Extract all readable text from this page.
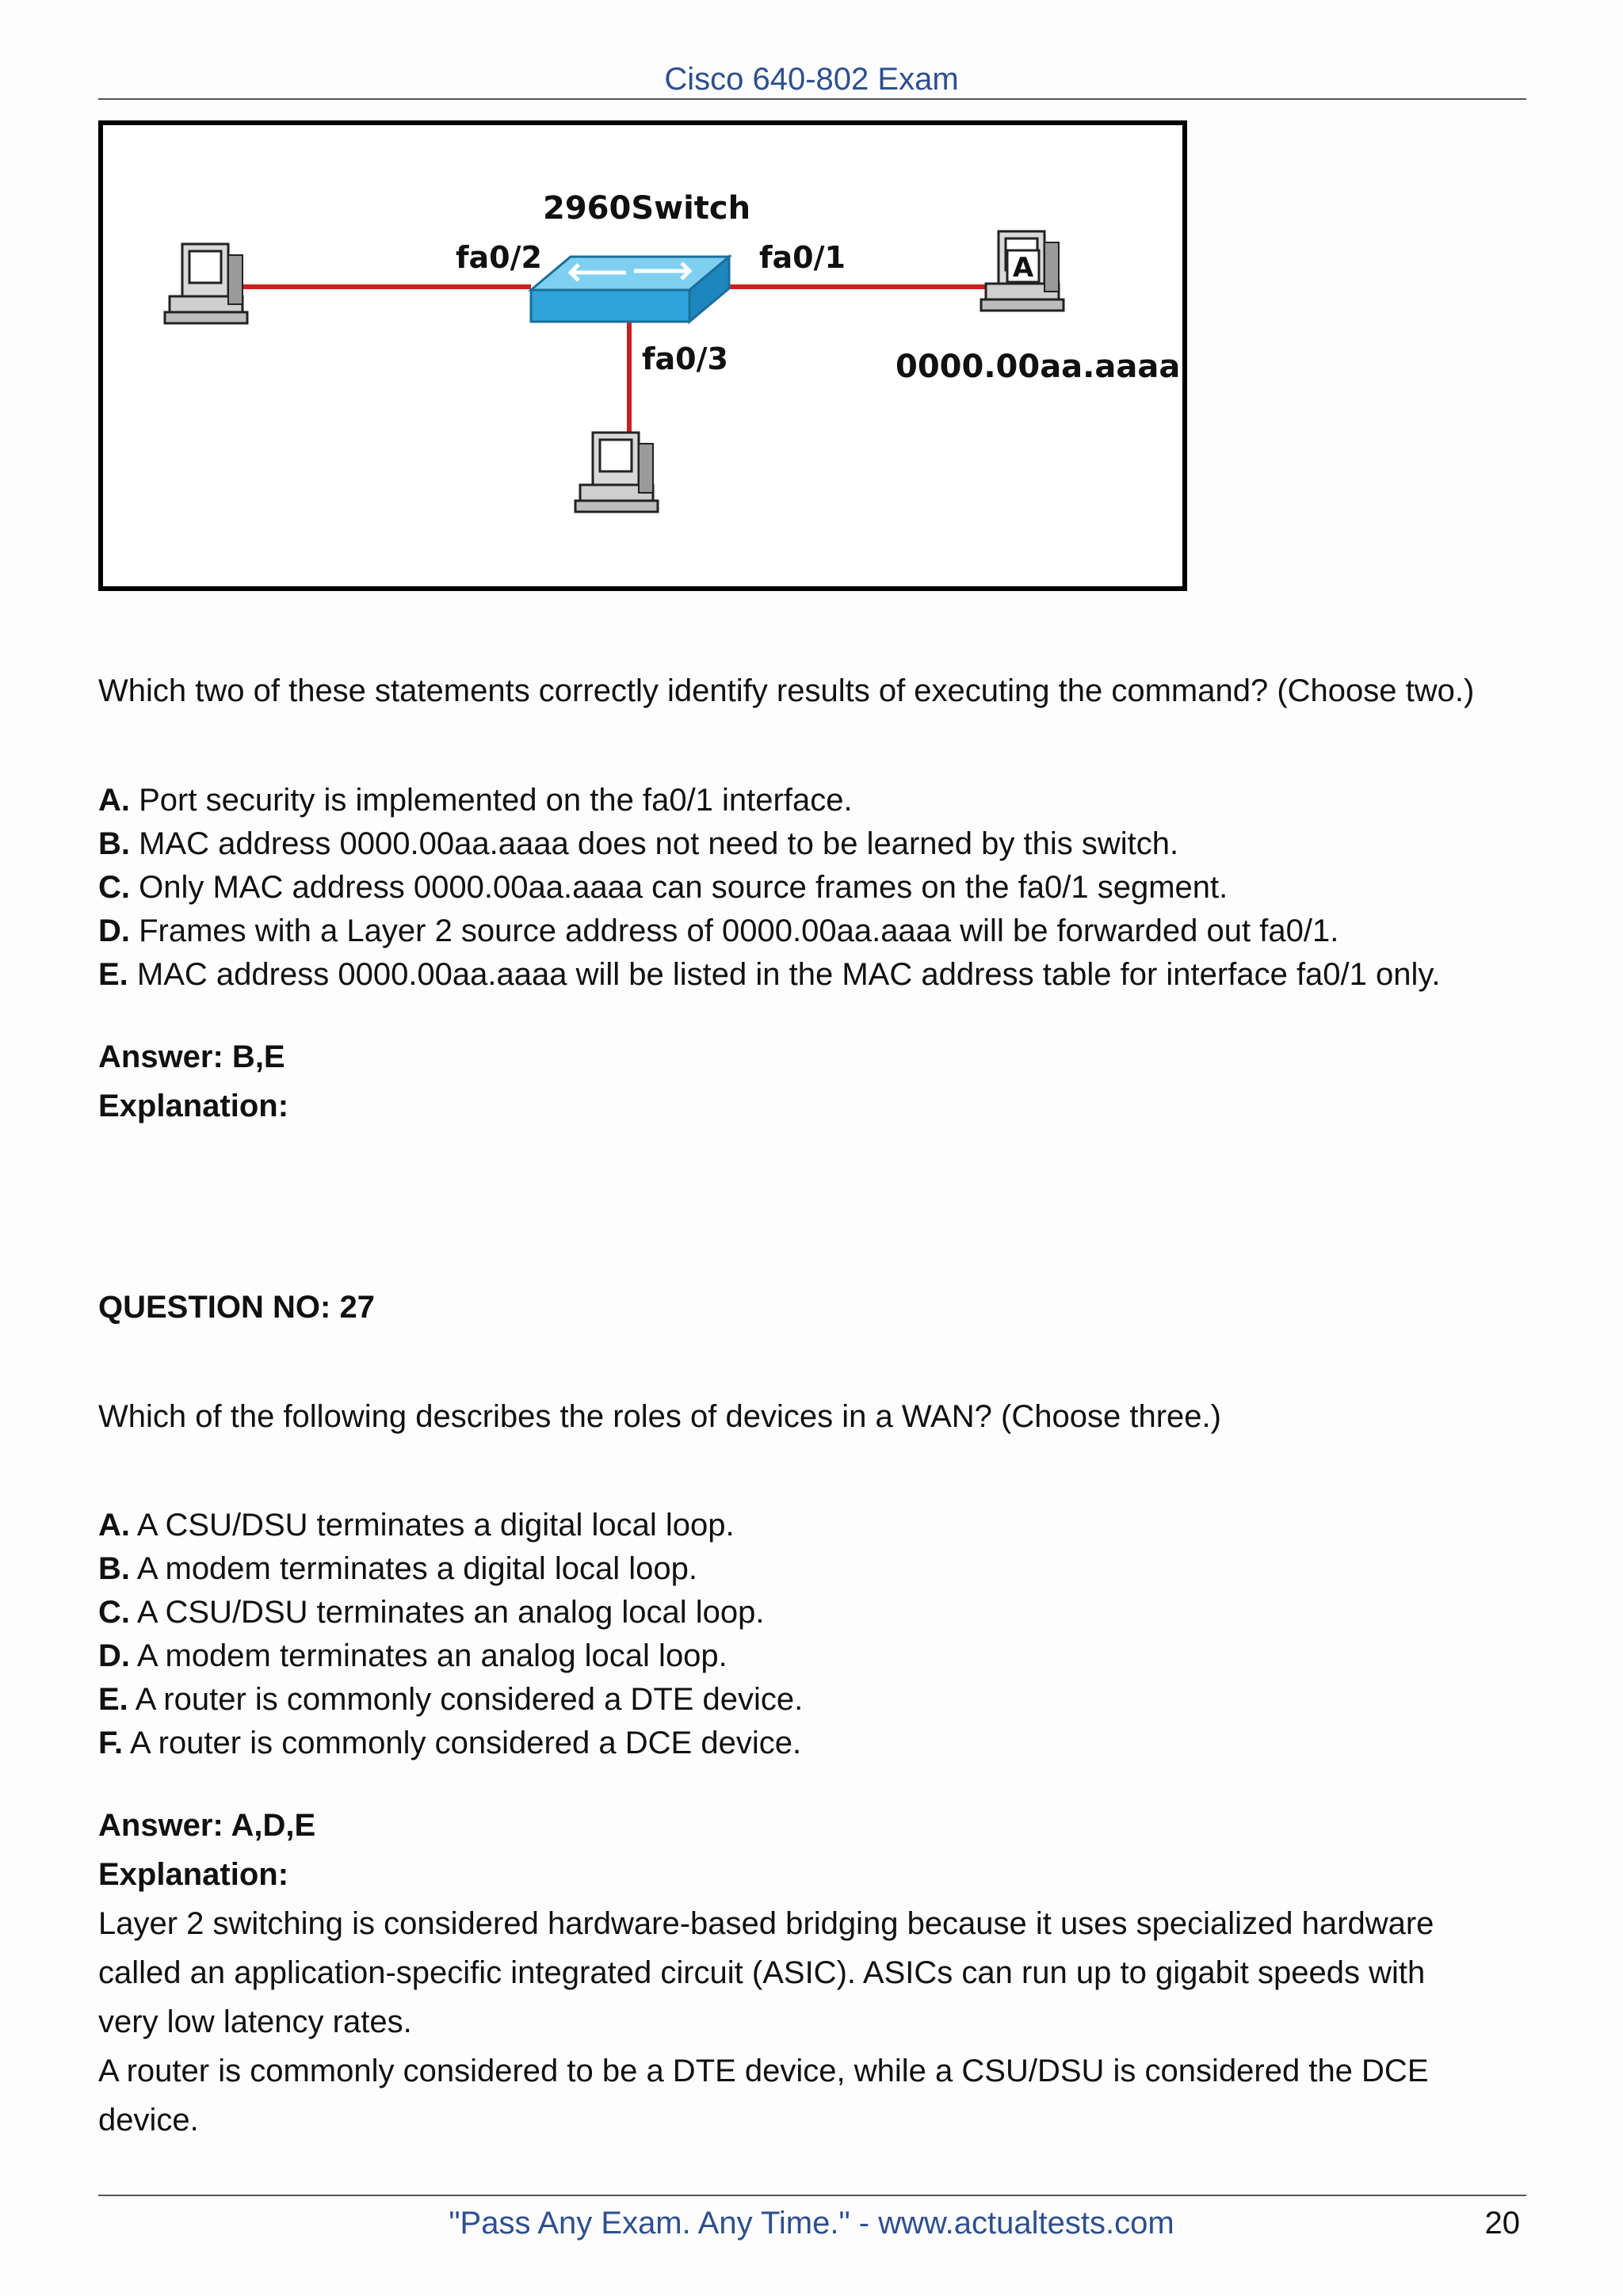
Cisco 640-802 Exam
A
2960Switch
fa0/2	fa0/1
fa0/3	0000.00aa.aaaa
Which two of these statements correctly identify results of executing the command? (Choose two.)
A. Port security is implemented on the fa0/1 interface.
B. MAC address 0000.00aa.aaaa does not need to be learned by this switch.
C. Only MAC address 0000.00aa.aaaa can source frames on the fa0/1 segment.
D. Frames with a Layer 2 source address of 0000.00aa.aaaa will be forwarded out fa0/1.
E. MAC address 0000.00aa.aaaa will be listed in the MAC address table for interface fa0/1 only.
Answer: B,E
Explanation:
QUESTION NO: 27
Which of the following describes the roles of devices in a WAN? (Choose three.)
A. A CSU/DSU terminates a digital local loop.
B. A modem terminates a digital local loop.
C. A CSU/DSU terminates an analog local loop.
D. A modem terminates an analog local loop.
E. A router is commonly considered a DTE device.
F. A router is commonly considered a DCE device.
Answer: A,D,E
Explanation:
Layer 2 switching is considered hardware-based bridging because it uses specialized hardware
called an application-specific integrated circuit (ASIC). ASICs can run up to gigabit speeds with
very low latency rates.
A router is commonly considered to be a DTE device, while a CSU/DSU is considered the DCE
device.
"Pass Any Exam. Any Time." - www.actualtests.com	20
